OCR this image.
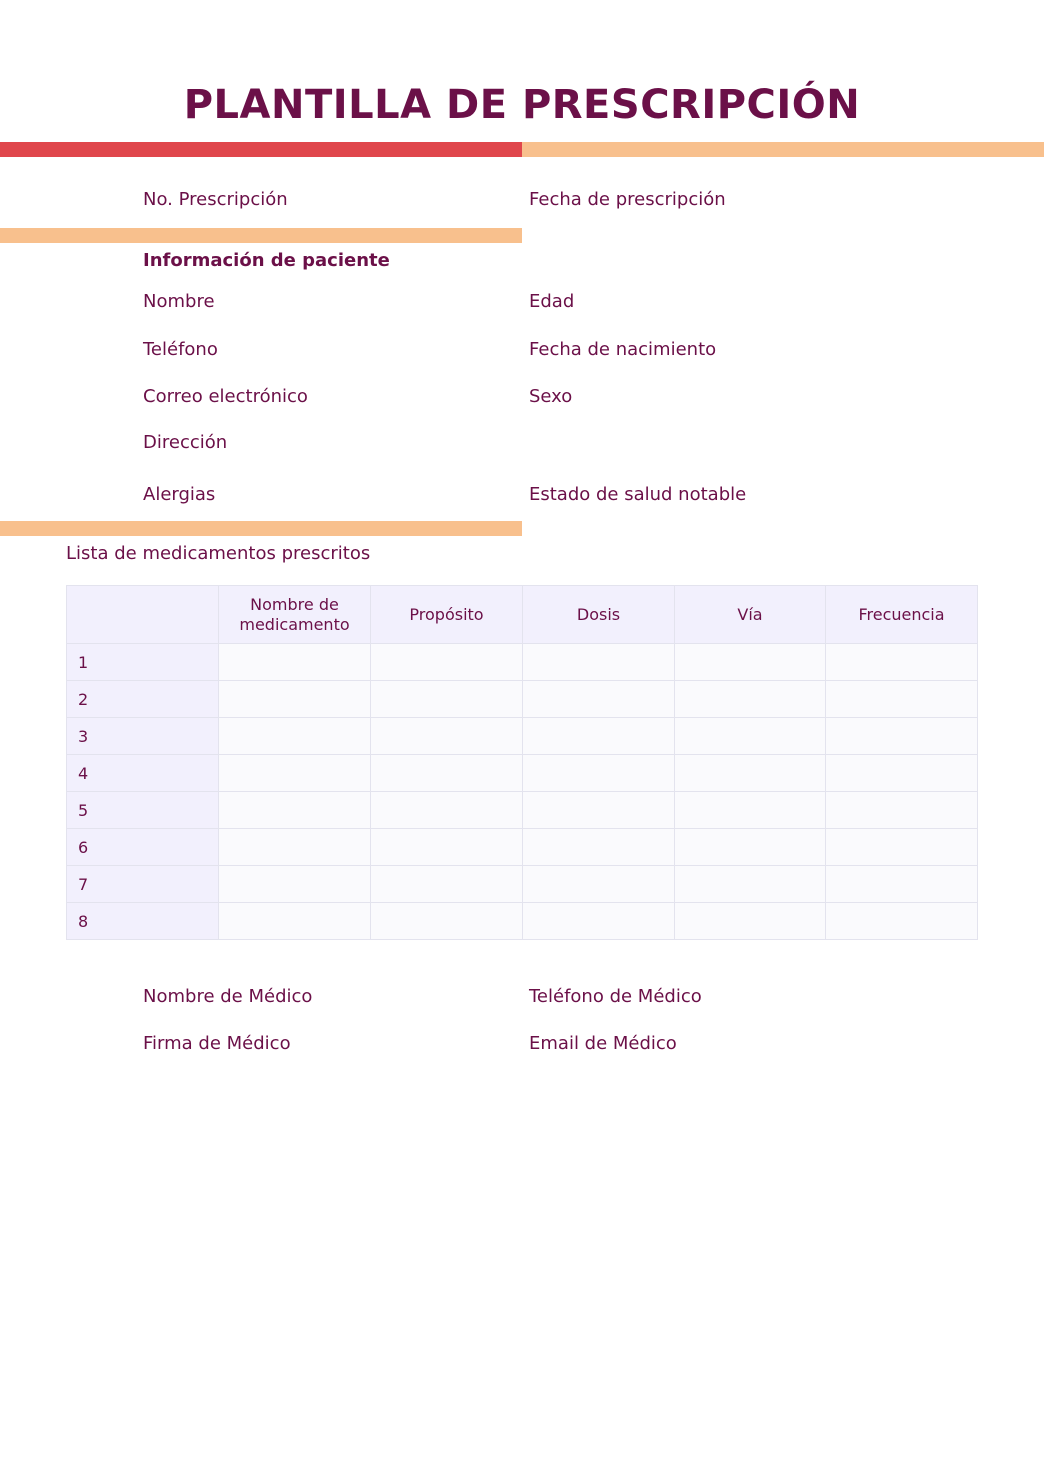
PLANTILLA DE PRESCRIPCIÓN
No. Prescripción	Fecha de prescripción
Información de paciente
Nombre	Edad
Teléfono	Fecha de nacimiento
Correo electrónico	Sexo
Dirección
Alergias	Estado de salud notable
Lista de medicamentos prescritos
	Nombre de medicamento	Propósito	Dosis	Vía	Frecuencia
1					
2					
3					
4					
5					
6					
7					
8					
Nombre de Médico	Teléfono de Médico
Firma de Médico	Email de Médico
